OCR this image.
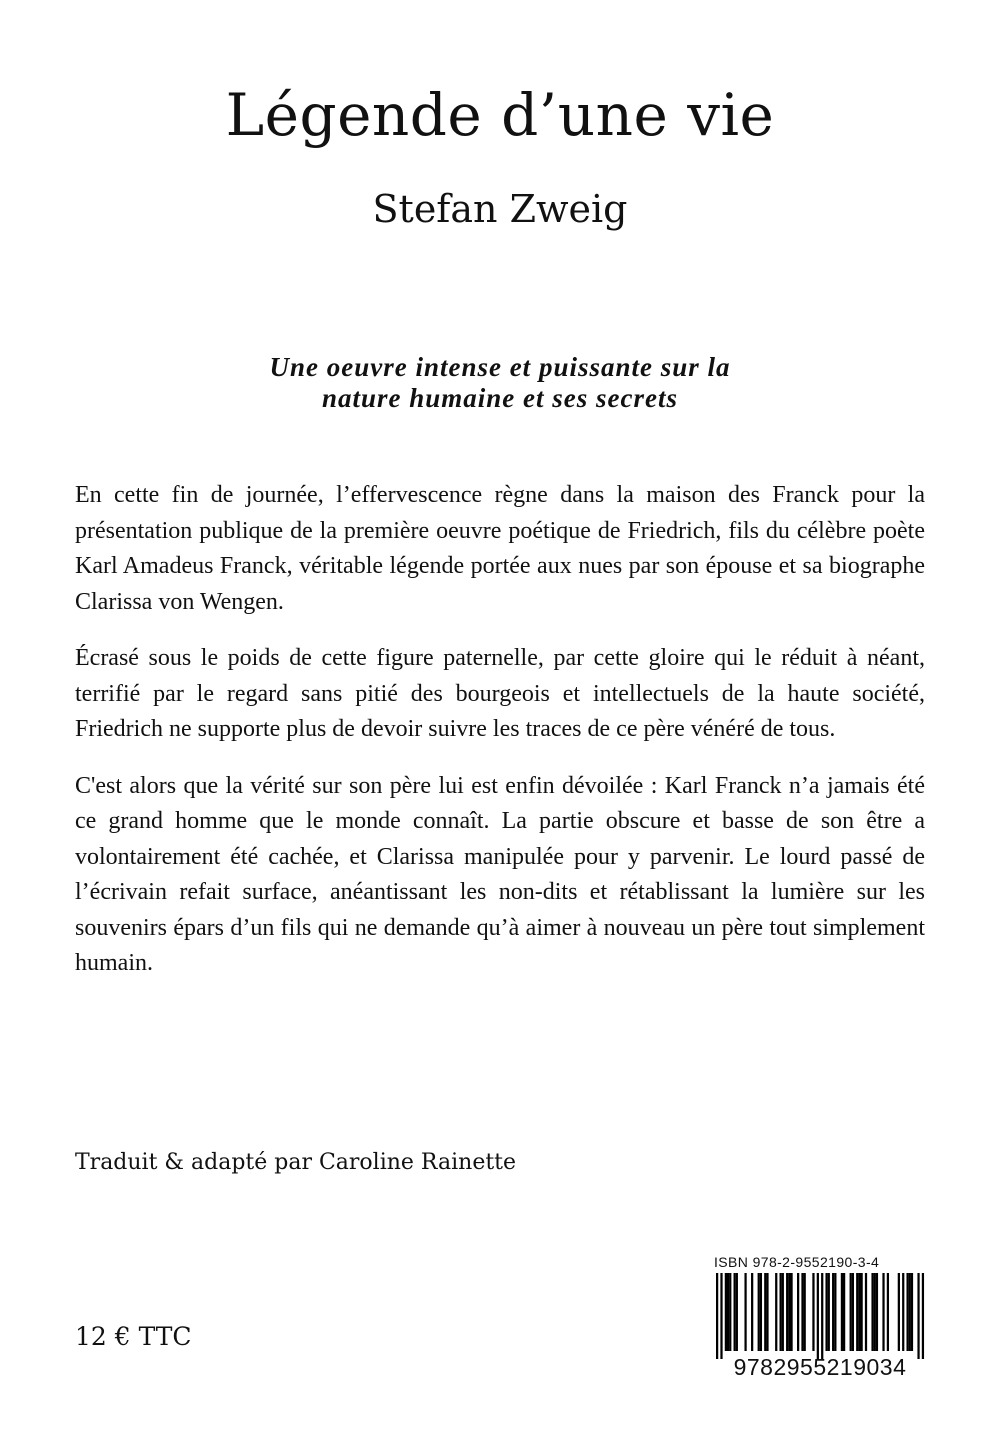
Légende d’une vie
Stefan Zweig
Une oeuvre intense et puissante sur la
nature humaine et ses secrets

En cette fin de journée, l’effervescence règne dans la maison des Franck pour la présentation publique de la première oeuvre poétique de Friedrich, fils du célèbre poète Karl Amadeus Franck, véritable légende portée aux nues par son épouse et sa biographe Clarissa von Wengen.

Écrasé sous le poids de cette figure paternelle, par cette gloire qui le réduit à néant, terrifié par le regard sans pitié des bourgeois et intellectuels de la haute société, Friedrich ne supporte plus de devoir suivre les traces de ce père vénéré de tous.

C'est alors que la vérité sur son père lui est enfin dévoilée : Karl Franck n’a jamais été ce grand homme que le monde connaît. La partie obscure et basse de son être a volontairement été cachée, et Clarissa manipulée pour y parvenir. Le lourd passé de l’écrivain refait surface, anéantissant les non-dits et rétablissant la lumière sur les souvenirs épars d’un fils qui ne demande qu’à aimer à nouveau un père tout simplement humain.

Traduit & adapté par Caroline Rainette
12 € TTC
ISBN 978-2-9552190-3-4
9782955219034
